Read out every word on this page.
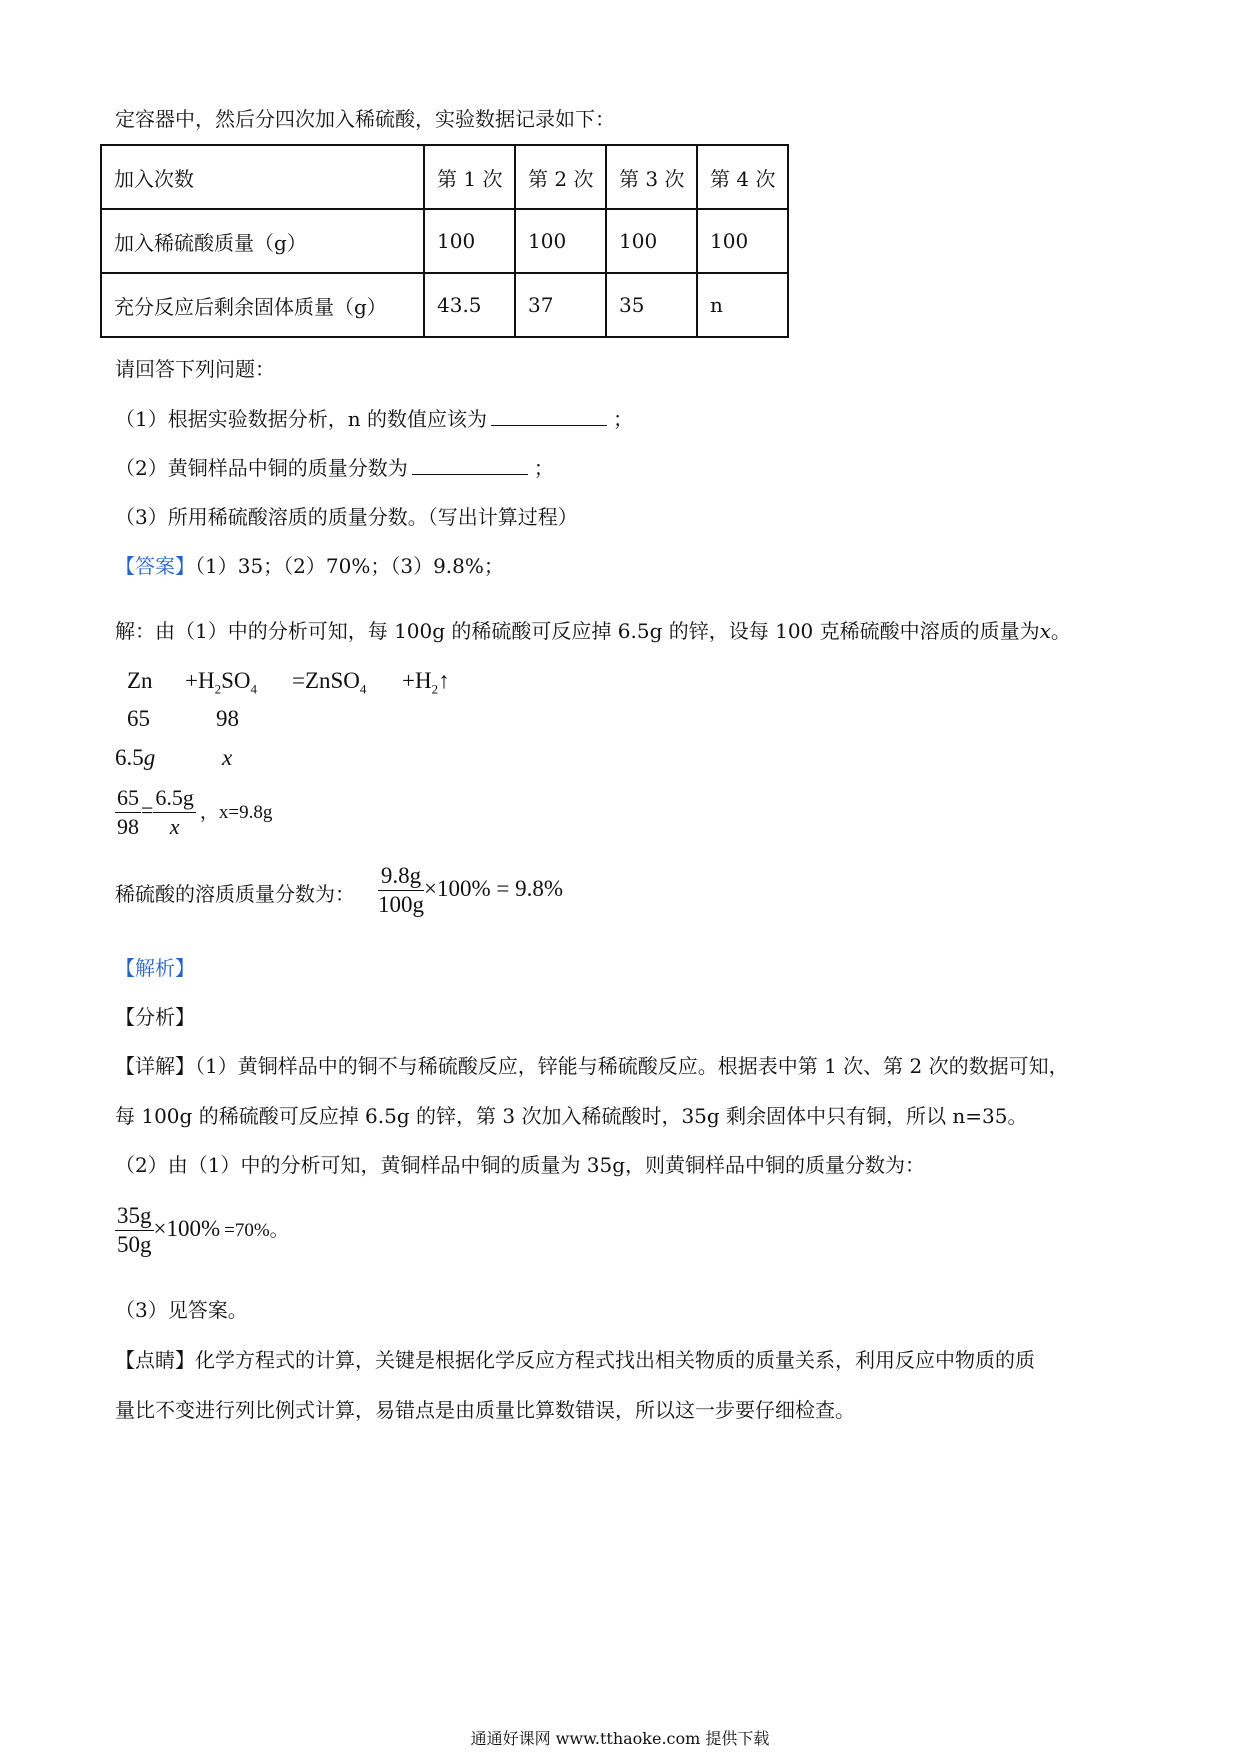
定容器中，然后分四次加入稀硫酸，实验数据记录如下：
加入次数	第 1 次	第 2 次	第 3 次	第 4 次
加入稀硫酸质量（g）	100	100	100	100
充分反应后剩余固体质量（g）	43.5	37	35	n
请回答下列问题：
（1）根据实验数据分析，n 的数值应该为	；
（2）黄铜样品中铜的质量分数为	；
（3）所用稀硫酸溶质的质量分数。（写出计算过程）
【答案】（1）35；（2）70%；（3）9.8%；
解：由（1）中的分析可知，每 100g 的稀硫酸可反应掉 6.5g 的锌，设每 100 克稀硫酸中溶质的质量为x。
$Zn +H_2SO_4$ =ZnSO$_4$ $+H_2↑$
65	98
6.5g	x
$\frac{65}{98} = \frac{6.5g}{x}$ ，x=9.8g
稀硫酸的溶质质量分数为： $\frac{9.8g}{100g} \times 100\% = 9.8\%$
【解析】
【分析】
【详解】（1）黄铜样品中的铜不与稀硫酸反应，锌能与稀硫酸反应。根据表中第 1 次、第 2 次的数据可知，
每 100g 的稀硫酸可反应掉 6.5g 的锌，第 3 次加入稀硫酸时，35g 剩余固体中只有铜，所以 n=35。
（2）由（1）中的分析可知，黄铜样品中铜的质量为 35g，则黄铜样品中铜的质量分数为：
$\frac{35g}{50g} \times 100\% =70\%$。
（3）见答案。
【点睛】化学方程式的计算，关键是根据化学反应方程式找出相关物质的质量关系，利用反应中物质的质
量比不变进行列比例式计算，易错点是由质量比算数错误，所以这一步要仔细检查。
通通好课网 www.tthaoke.com 提供下载
